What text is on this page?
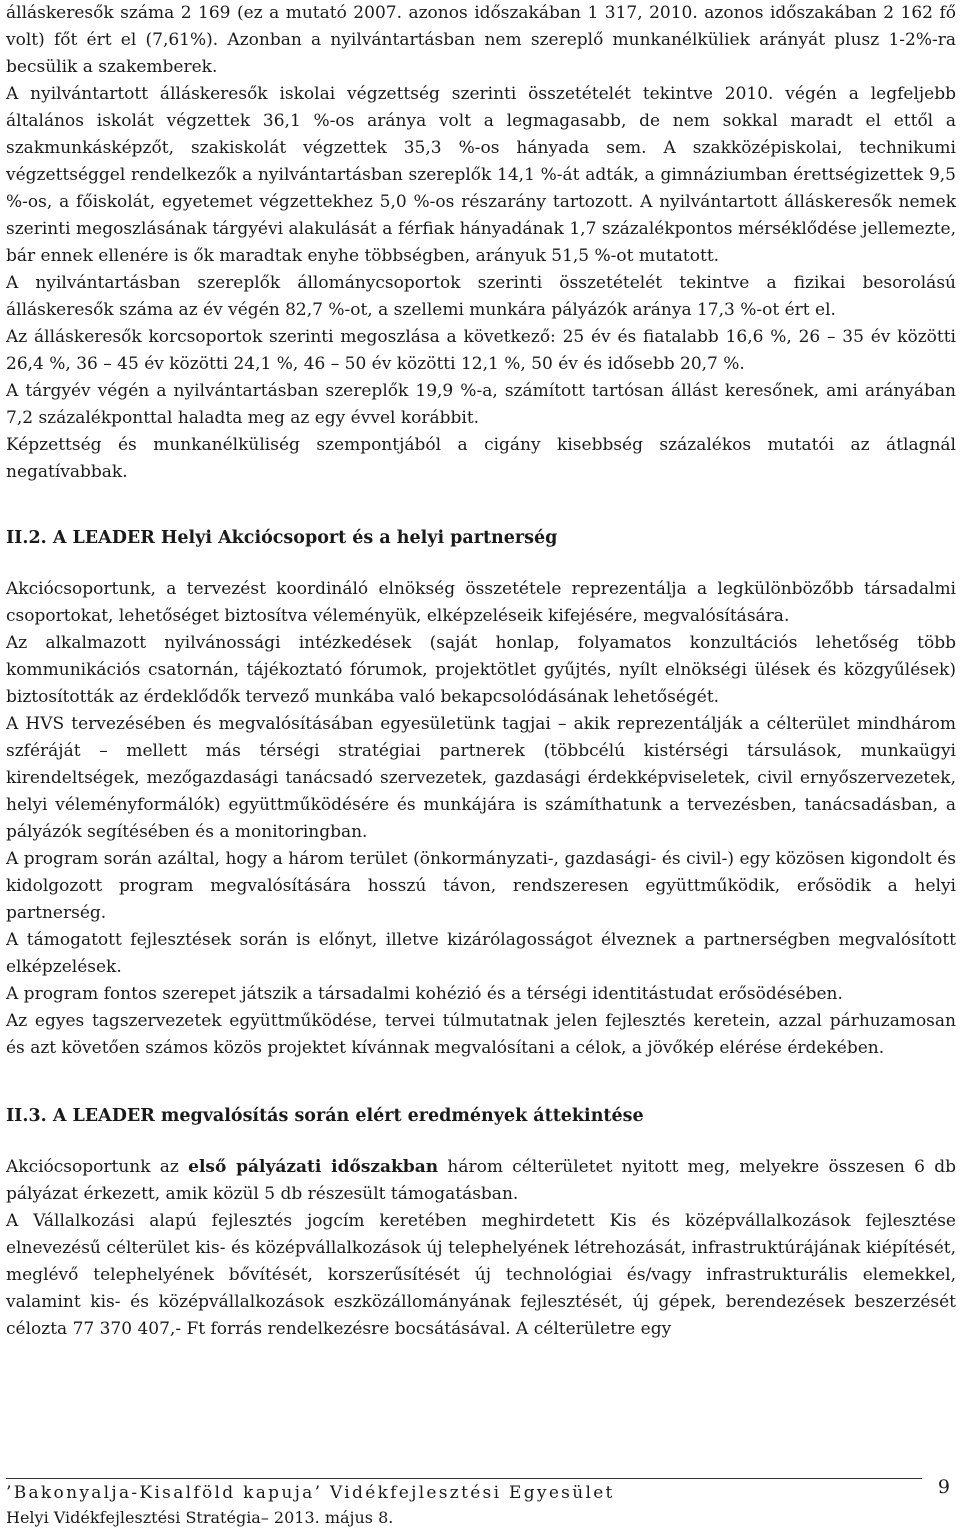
álláskeresők száma 2 169 (ez a mutató 2007. azonos időszakában 1 317, 2010. azonos időszakában 2 162 fő volt) főt ért el (7,61%). Azonban a nyilvántartásban nem szereplő munkanélküliek arányát plusz 1-2%-ra becsülik a szakemberek.

A nyilvántartott álláskeresők iskolai végzettség szerinti összetételét tekintve 2010. végén a legfeljebb általános iskolát végzettek 36,1 %-os aránya volt a legmagasabb, de nem sokkal maradt el ettől a szakmunkásképzőt, szakiskolát végzettek 35,3 %-os hányada sem. A szakközépiskolai, technikumi végzettséggel rendelkezők a nyilvántartásban szereplők 14,1 %-át adták, a gimnáziumban érettségizettek 9,5 %-os, a főiskolát, egyetemet végzettekhez 5,0 %-os részarány tartozott. A nyilvántartott álláskeresők nemek szerinti megoszlásának tárgyévi alakulását a férfiak hányadának 1,7 százalékpontos mérséklődése jellemezte, bár ennek ellenére is ők maradtak enyhe többségben, arányuk 51,5 %-ot mutatott.

A nyilvántartásban szereplők állománycsoportok szerinti összetételét tekintve a fizikai besorolású álláskeresők száma az év végén 82,7 %-ot, a szellemi munkára pályázók aránya 17,3 %-ot ért el.

Az álláskeresők korcsoportok szerinti megoszlása a következő: 25 év és fiatalabb 16,6 %, 26 – 35 év közötti 26,4 %, 36 – 45 év közötti 24,1 %, 46 – 50 év közötti 12,1 %, 50 év és idősebb 20,7 %.

A tárgyév végén a nyilvántartásban szereplők 19,9 %-a, számított tartósan állást keresőnek, ami arányában 7,2 százalékponttal haladta meg az egy évvel korábbit.

Képzettség és munkanélküliség szempontjából a cigány kisebbség százalékos mutatói az átlagnál negatívabbak.

II.2. A LEADER Helyi Akciócsoport és a helyi partnerség

Akciócsoportunk, a tervezést koordináló elnökség összetétele reprezentálja a legkülönbözőbb társadalmi csoportokat, lehetőséget biztosítva véleményük, elképzeléseik kifejésére, megvalósítására.

Az alkalmazott nyilvánossági intézkedések (saját honlap, folyamatos konzultációs lehetőség több kommunikációs csatornán, tájékoztató fórumok, projektötlet gyűjtés, nyílt elnökségi ülések és közgyűlések) biztosították az érdeklődők tervező munkába való bekapcsolódásának lehetőségét.

A HVS tervezésében és megvalósításában egyesületünk tagjai – akik reprezentálják a célterület mindhárom szféráját – mellett más térségi stratégiai partnerek (többcélú kistérségi társulások, munkaügyi kirendeltségek, mezőgazdasági tanácsadó szervezetek, gazdasági érdekképviseletek, civil ernyőszervezetek, helyi véleményformálók) együttműködésére és munkájára is számíthatunk a tervezésben, tanácsadásban, a pályázók segítésében és a monitoringban.

A program során azáltal, hogy a három terület (önkormányzati-, gazdasági- és civil-) egy közösen kigondolt és kidolgozott program megvalósítására hosszú távon, rendszeresen együttműködik, erősödik a helyi partnerség.

A támogatott fejlesztések során is előnyt, illetve kizárólagosságot élveznek a partnerségben megvalósított elképzelések.

A program fontos szerepet játszik a társadalmi kohézió és a térségi identitástudat erősödésében.

Az egyes tagszervezetek együttműködése, tervei túlmutatnak jelen fejlesztés keretein, azzal párhuzamosan és azt követően számos közös projektet kívánnak megvalósítani a célok, a jövőkép elérése érdekében.

II.3. A LEADER megvalósítás során elért eredmények áttekintése

Akciócsoportunk az első pályázati időszakban három célterületet nyitott meg, melyekre összesen 6 db pályázat érkezett, amik közül 5 db részesült támogatásban.

A Vállalkozási alapú fejlesztés jogcím keretében meghirdetett Kis és középvállalkozások fejlesztése elnevezésű célterület kis- és középvállalkozások új telephelyének létrehozását, infrastruktúrájának kiépítését, meglévő telephelyének bővítését, korszerűsítését új technológiai és/vagy infrastrukturális elemekkel, valamint kis- és középvállalkozások eszközállományának fejlesztését, új gépek, berendezések beszerzését célozta 77 370 407,- Ft forrás rendelkezésre bocsátásával. A célterületre egy

’Bakonyalja-Kisalföld kapuja’ Vidékfejlesztési Egyesület	9
Helyi Vidékfejlesztési Stratégia– 2013. május 8.
